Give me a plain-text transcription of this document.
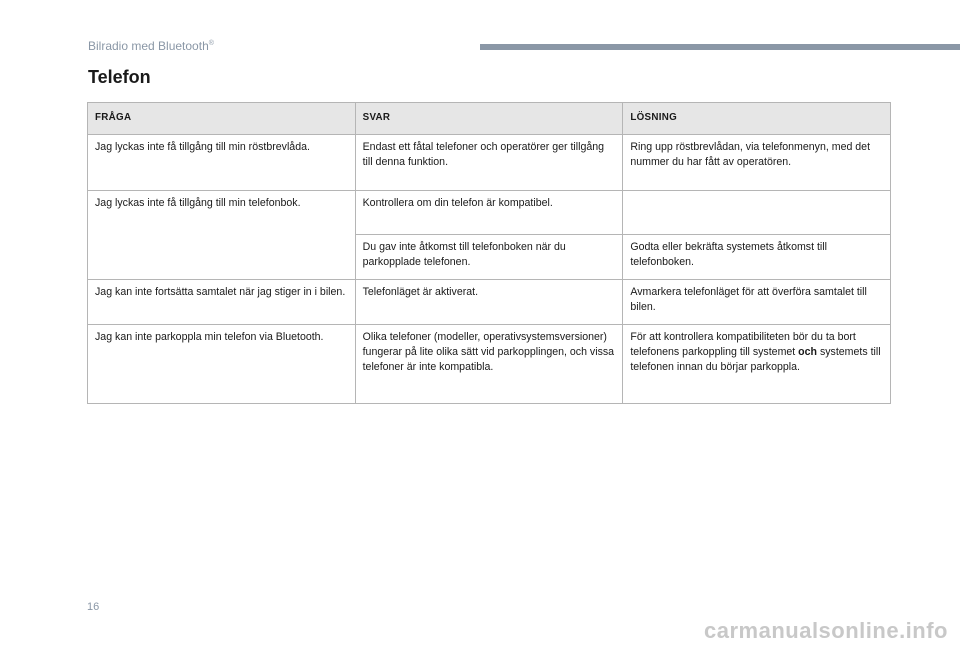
Bilradio med Bluetooth®
Telefon
FRÅGA	SVAR	LÖSNING
Jag lyckas inte få tillgång till min röstbrevlåda.	Endast ett fåtal telefoner och operatörer ger tillgång till denna funktion.	Ring upp röstbrevlådan, via telefonmenyn, med det nummer du har fått av operatören.
Jag lyckas inte få tillgång till min telefonbok.	Kontrollera om din telefon är kompatibel.	
	Du gav inte åtkomst till telefonboken när du parkopplade telefonen.	Godta eller bekräfta systemets åtkomst till telefonboken.
Jag kan inte fortsätta samtalet när jag stiger in i bilen.	Telefonläget är aktiverat.	Avmarkera telefonläget för att överföra samtalet till bilen.
Jag kan inte parkoppla min telefon via Bluetooth.	Olika telefoner (modeller, operativsystemsversioner) fungerar på lite olika sätt vid parkopplingen, och vissa telefoner är inte kompatibla.	För att kontrollera kompatibiliteten bör du ta bort telefonens parkoppling till systemet och systemets till telefonen innan du börjar parkoppla.
16
carmanualsonline.info
